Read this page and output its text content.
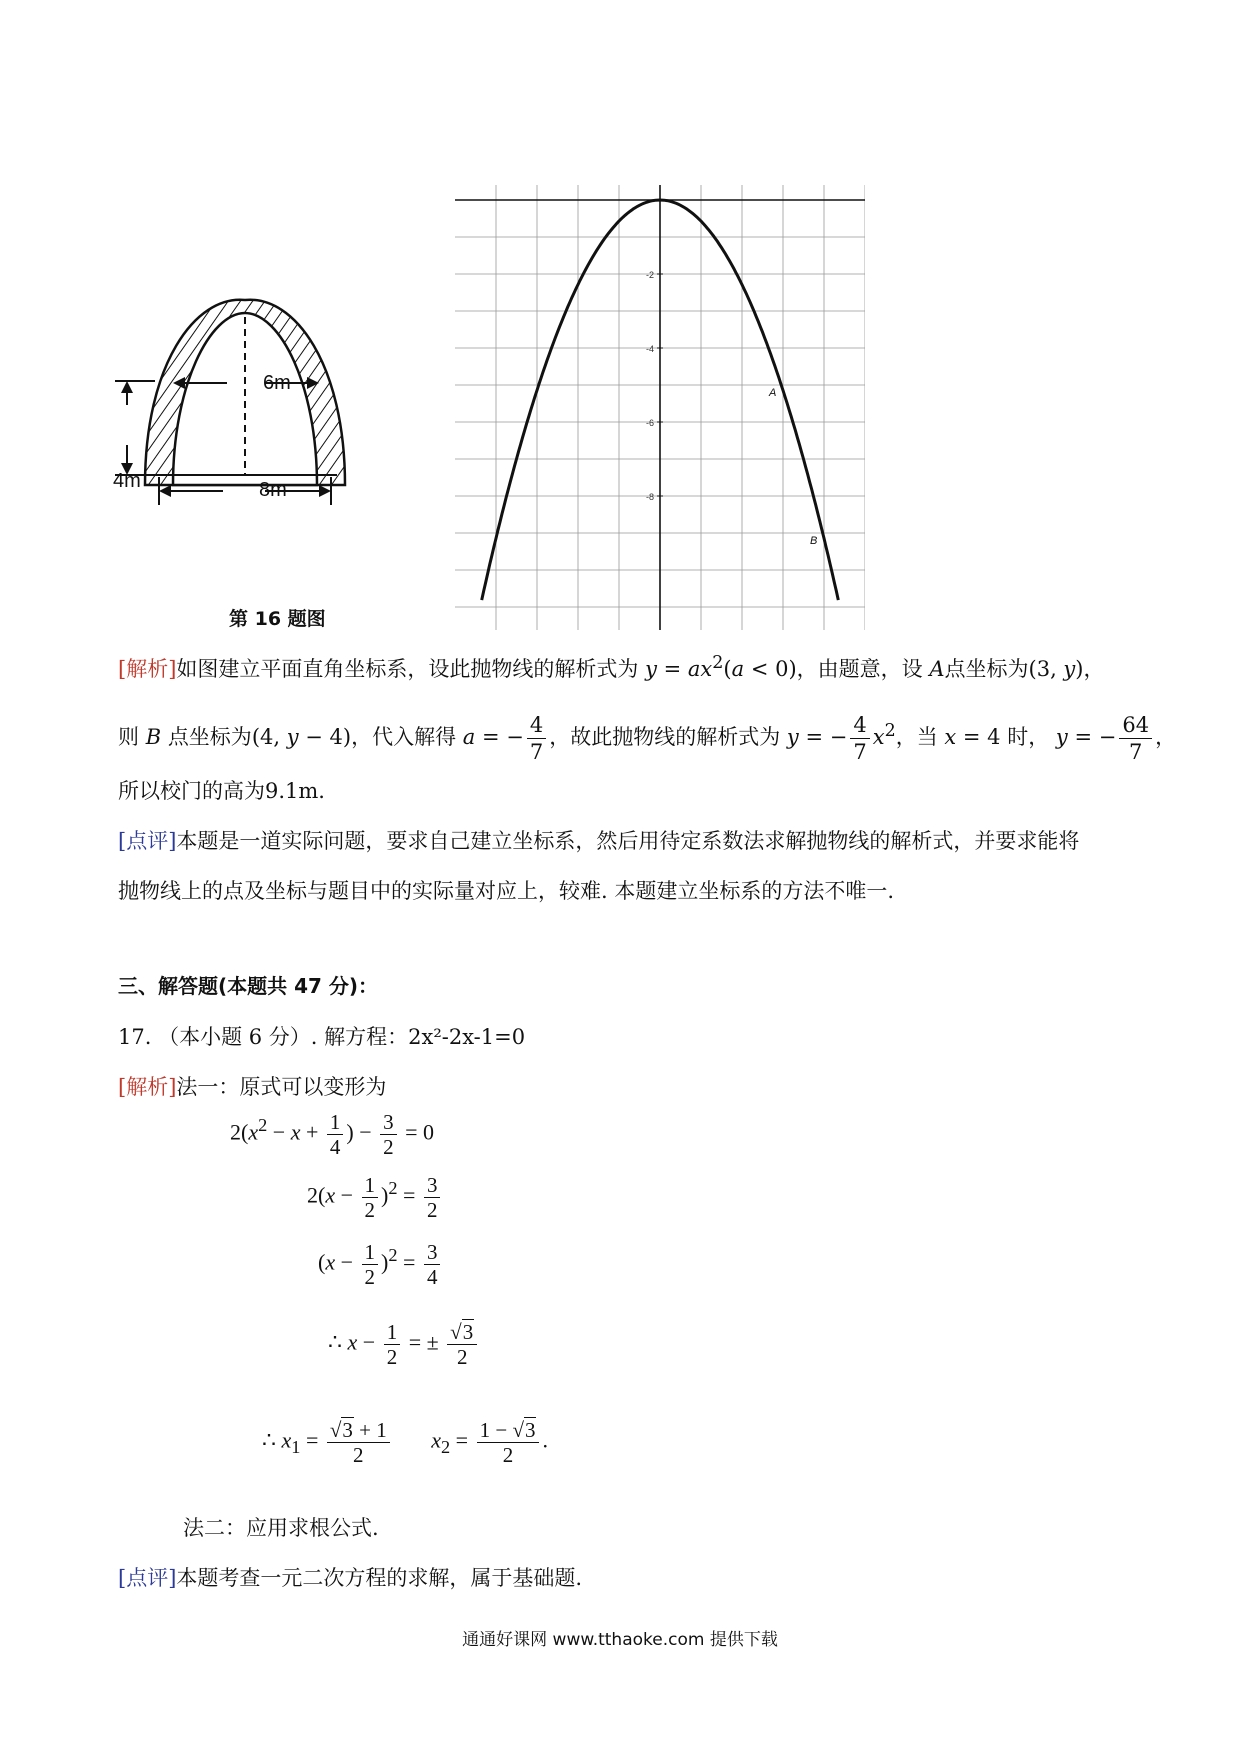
6m
4m	8m
第 16 题图
-2
-4
-6
-8
A
B
[解析]如图建立平面直角坐标系，设此抛物线的解析式为 $y = ax^2(a < 0)$，由题意，设 A点坐标为(3, y)，
则 B 点坐标为(4, y − 4)，代入解得 a = − $\frac{4}{7}$ ，故此抛物线的解析式为 y = − $\frac{4}{7} x^2$，当 x = 4 时， y = − $\frac{64}{7}$ ，
所以校门的高为9.1m.
[点评]本题是一道实际问题，要求自己建立坐标系，然后用待定系数法求解抛物线的解析式，并要求能将
抛物线上的点及坐标与题目中的实际量对应上，较难. 本题建立坐标系的方法不唯一.
三、解答题(本题共 47 分)：
17. （本小题 6 分）. 解方程：2x²-2x-1=0
[解析]法一：原式可以变形为
$2(x^2 - x + \frac{1}{4}$ ) − $\frac{3}{2} = 0$
$2(x - \frac{1}{2} )^2 = \frac{3}{2}$
$(x - \frac{1}{2} )^2 = \frac{3}{4}$
∴ $x - \frac{1}{2}$ = ± $\frac{√3}{2}$
∴ $x_1 = \frac{√3 + 1}{2} x_2 = \frac{1 - √3}{2}$ .
法二：应用求根公式.
[点评]本题考查一元二次方程的求解，属于基础题.
通通好课网 www.tthaoke.com 提供下载
